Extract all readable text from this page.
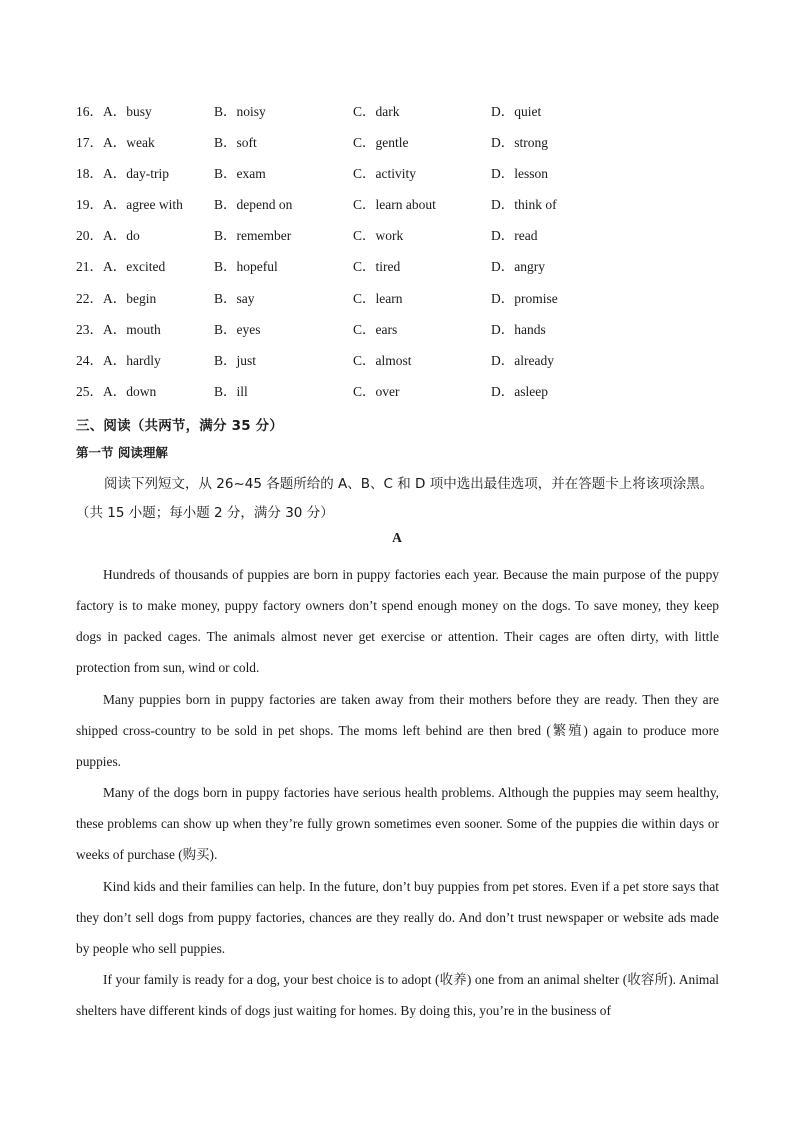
16．A．busy	B．noisy	C．dark	D．quiet
17．A．weak	B．soft	C．gentle	D．strong
18．A．day-trip	B．exam	C．activity	D．lesson
19．A．agree with B．depend on	C．learn about	D．think of
20．A．do	B．remember	C．work	D．read
21．A．excited	B．hopeful	C．tired	D．angry
22．A．begin	B．say	C．learn	D．promise
23．A．mouth	B．eyes	C．ears	D．hands
24．A．hardly	B．just	C．almost	D．already
25．A．down	B．ill	C．over	D．asleep
三、阅读（共两节，满分 35 分）
第一节 阅读理解
阅读下列短文，从 26~45 各题所给的 A、B、C 和 D 项中选出最佳选项，并在答题卡上将该项涂黑。
（共 15 小题；每小题 2 分，满分 30 分）
A

Hundreds of thousands of puppies are born in puppy factories each year. Because the main purpose of the puppy factory is to make money, puppy factory owners don’t spend enough money on the dogs. To save money, they keep dogs in packed cages. The animals almost never get exercise or attention. Their cages are often dirty, with little protection from sun, wind or cold.

Many puppies born in puppy factories are taken away from their mothers before they are ready. Then they are shipped cross-country to be sold in pet shops. The moms left behind are then bred (繁殖) again to produce more puppies.

Many of the dogs born in puppy factories have serious health problems. Although the puppies may seem healthy, these problems can show up when they’re fully grown sometimes even sooner. Some of the puppies die within days or weeks of purchase (购买).

Kind kids and their families can help. In the future, don’t buy puppies from pet stores. Even if a pet store says that they don’t sell dogs from puppy factories, chances are they really do. And don’t trust newspaper or website ads made by people who sell puppies.

If your family is ready for a dog, your best choice is to adopt (收养) one from an animal shelter (收容所). Animal shelters have different kinds of dogs just waiting for homes. By doing this, you’re in the business of
